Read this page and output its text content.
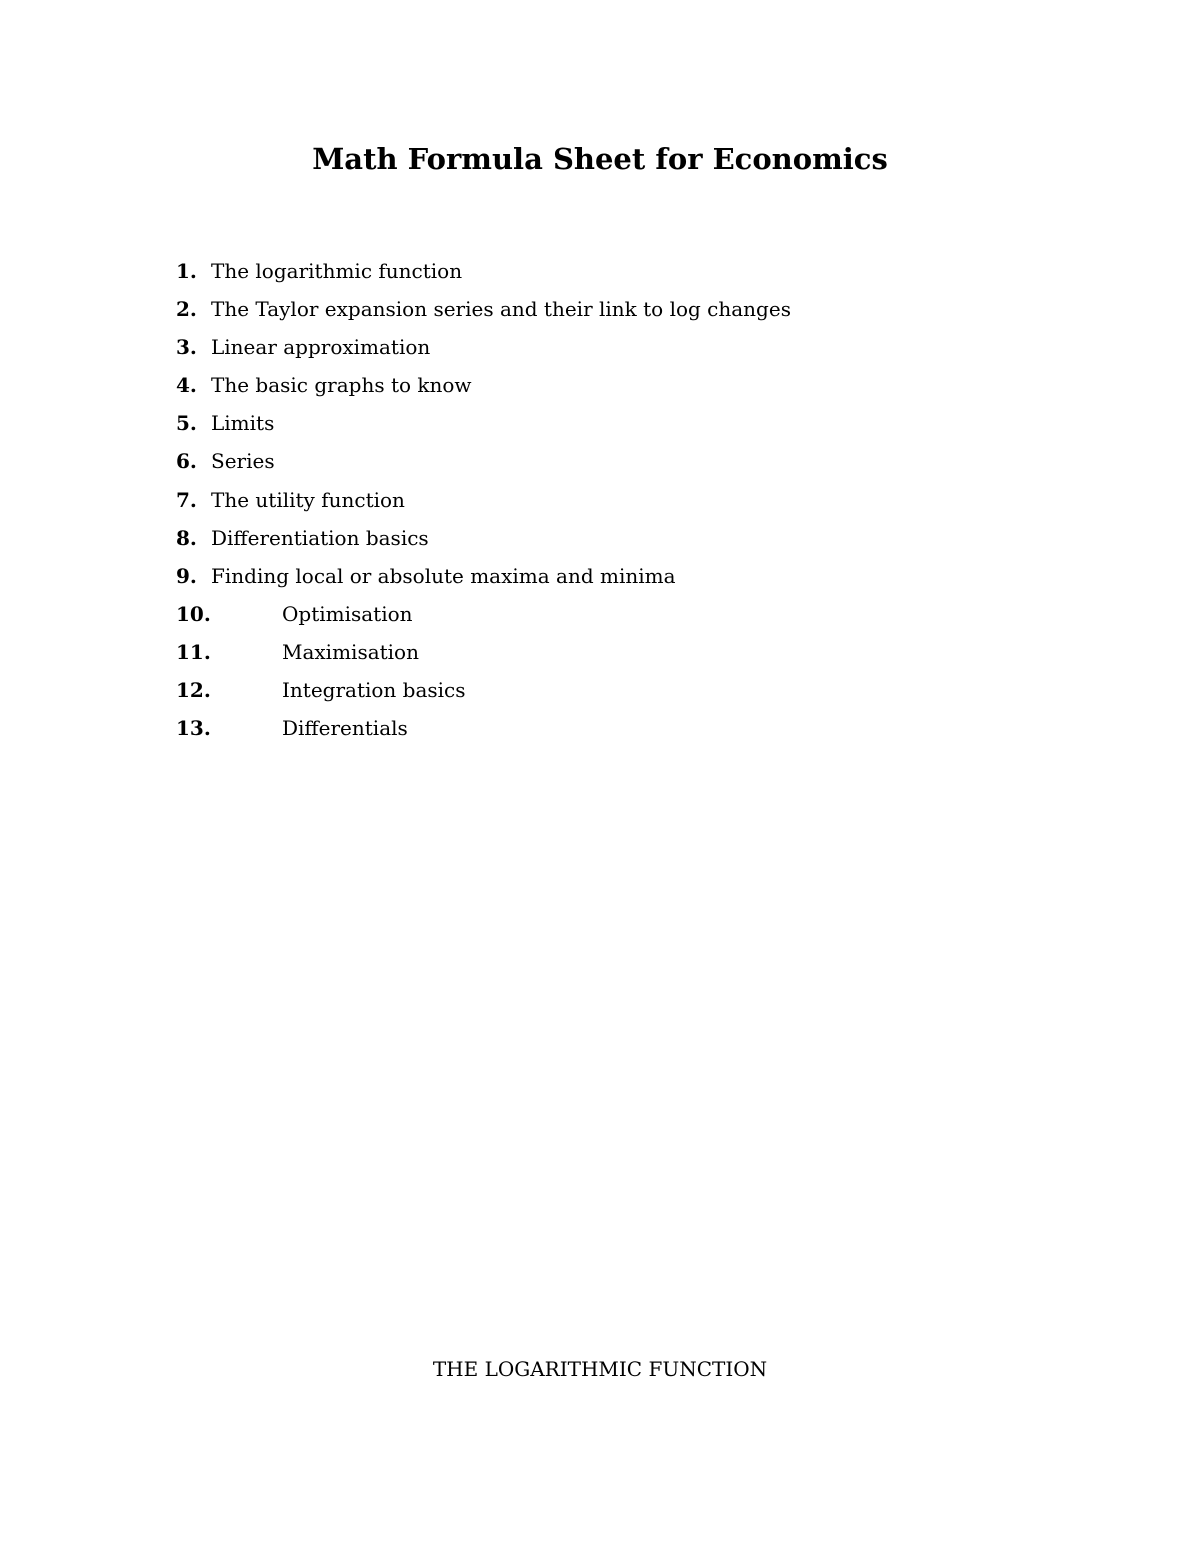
Math Formula Sheet for Economics
1. The logarithmic function
2. The Taylor expansion series and their link to log changes
3. Linear approximation
4. The basic graphs to know
5. Limits
6. Series
7. The utility function
8. Differentiation basics
9. Finding local or absolute maxima and minima
10.	Optimisation
11.	Maximisation
12.	Integration basics
13.	Differentials
THE LOGARITHMIC FUNCTION
